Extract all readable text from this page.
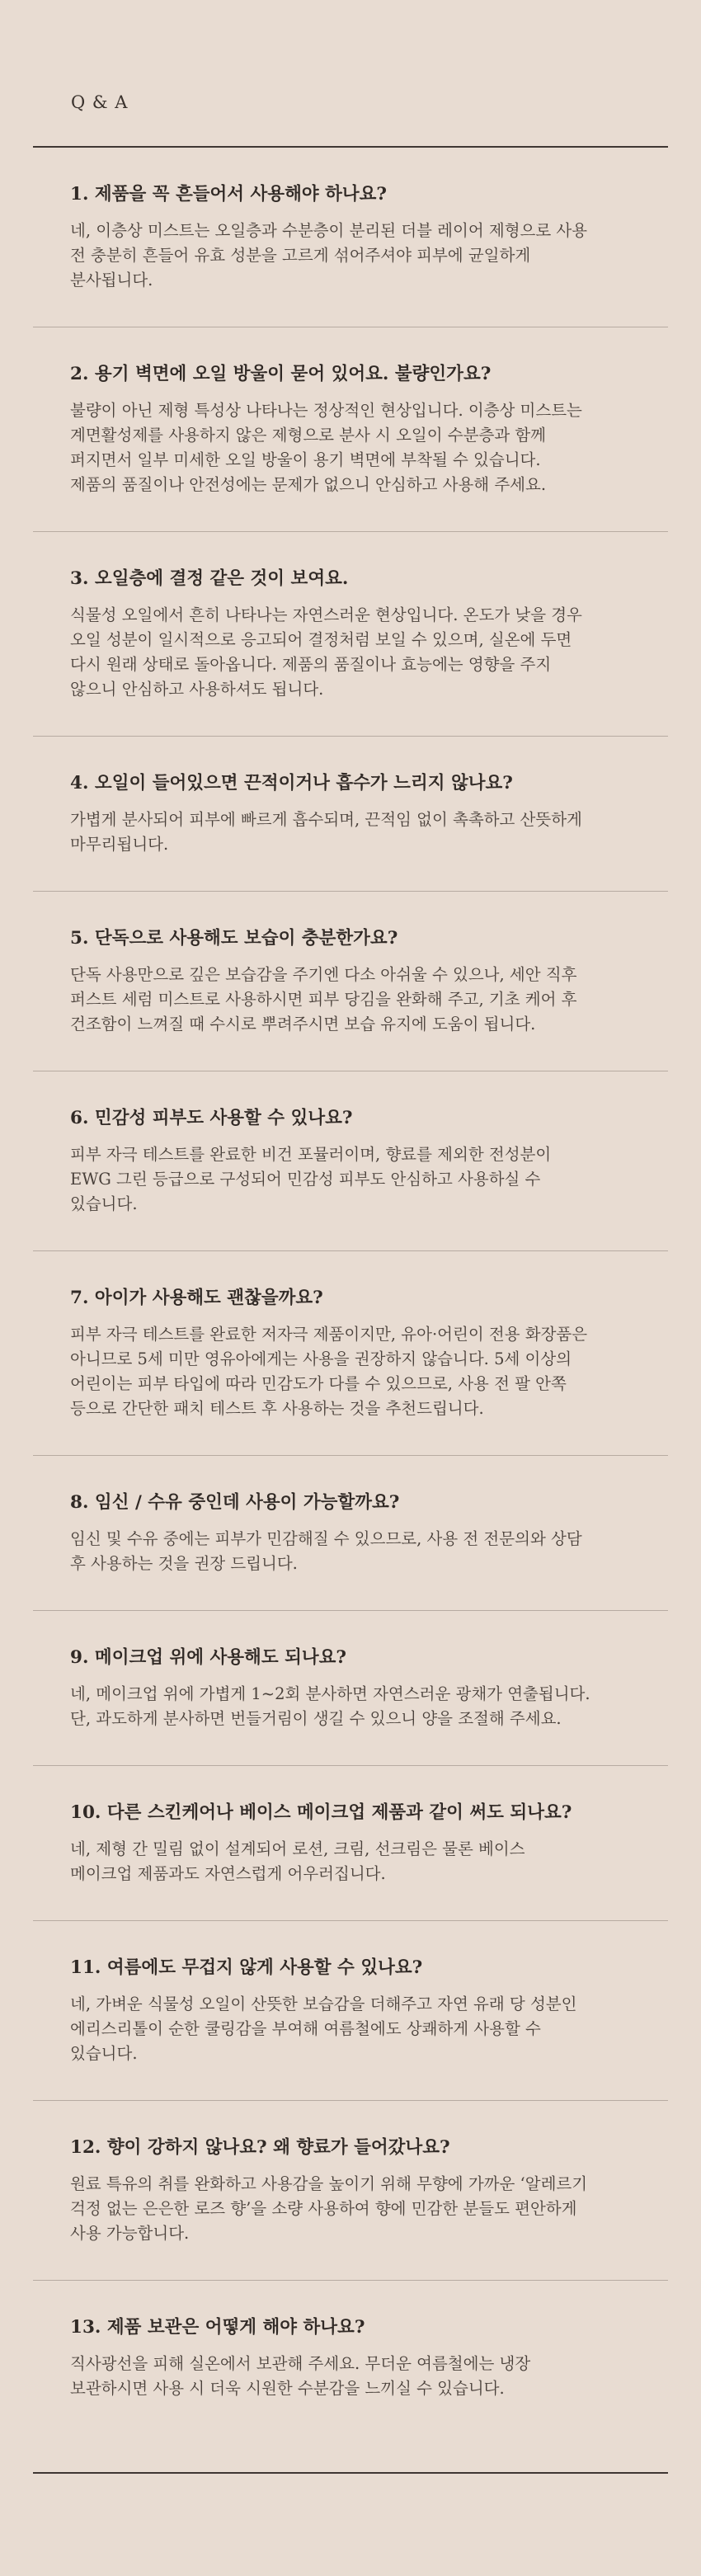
Q & A
1. 제품을 꼭 흔들어서 사용해야 하나요?
네, 이층상 미스트는 오일층과 수분층이 분리된 더블 레이어 제형으로 사용
전 충분히 흔들어 유효 성분을 고르게 섞어주셔야 피부에 균일하게
분사됩니다.
2. 용기 벽면에 오일 방울이 묻어 있어요. 불량인가요?
불량이 아닌 제형 특성상 나타나는 정상적인 현상입니다. 이층상 미스트는
계면활성제를 사용하지 않은 제형으로 분사 시 오일이 수분층과 함께
퍼지면서 일부 미세한 오일 방울이 용기 벽면에 부착될 수 있습니다.
제품의 품질이나 안전성에는 문제가 없으니 안심하고 사용해 주세요.
3. 오일층에 결정 같은 것이 보여요.
식물성 오일에서 흔히 나타나는 자연스러운 현상입니다. 온도가 낮을 경우
오일 성분이 일시적으로 응고되어 결정처럼 보일 수 있으며, 실온에 두면
다시 원래 상태로 돌아옵니다. 제품의 품질이나 효능에는 영향을 주지
않으니 안심하고 사용하셔도 됩니다.
4. 오일이 들어있으면 끈적이거나 흡수가 느리지 않나요?
가볍게 분사되어 피부에 빠르게 흡수되며, 끈적임 없이 촉촉하고 산뜻하게
마무리됩니다.
5. 단독으로 사용해도 보습이 충분한가요?
단독 사용만으로 깊은 보습감을 주기엔 다소 아쉬울 수 있으나, 세안 직후
퍼스트 세럼 미스트로 사용하시면 피부 당김을 완화해 주고, 기초 케어 후
건조함이 느껴질 때 수시로 뿌려주시면 보습 유지에 도움이 됩니다.
6. 민감성 피부도 사용할 수 있나요?
피부 자극 테스트를 완료한 비건 포뮬러이며, 향료를 제외한 전성분이
EWG 그린 등급으로 구성되어 민감성 피부도 안심하고 사용하실 수
있습니다.
7. 아이가 사용해도 괜찮을까요?
피부 자극 테스트를 완료한 저자극 제품이지만, 유아·어린이 전용 화장품은
아니므로 5세 미만 영유아에게는 사용을 권장하지 않습니다. 5세 이상의
어린이는 피부 타입에 따라 민감도가 다를 수 있으므로, 사용 전 팔 안쪽
등으로 간단한 패치 테스트 후 사용하는 것을 추천드립니다.
8. 임신 / 수유 중인데 사용이 가능할까요?
임신 및 수유 중에는 피부가 민감해질 수 있으므로, 사용 전 전문의와 상담
후 사용하는 것을 권장 드립니다.
9. 메이크업 위에 사용해도 되나요?
네, 메이크업 위에 가볍게 1~2회 분사하면 자연스러운 광채가 연출됩니다.
단, 과도하게 분사하면 번들거림이 생길 수 있으니 양을 조절해 주세요.
10. 다른 스킨케어나 베이스 메이크업 제품과 같이 써도 되나요?
네, 제형 간 밀림 없이 설계되어 로션, 크림, 선크림은 물론 베이스
메이크업 제품과도 자연스럽게 어우러집니다.
11. 여름에도 무겁지 않게 사용할 수 있나요?
네, 가벼운 식물성 오일이 산뜻한 보습감을 더해주고 자연 유래 당 성분인
에리스리톨이 순한 쿨링감을 부여해 여름철에도 상쾌하게 사용할 수
있습니다.
12. 향이 강하지 않나요? 왜 향료가 들어갔나요?
원료 특유의 취를 완화하고 사용감을 높이기 위해 무향에 가까운 ‘알레르기
걱정 없는 은은한 로즈 향’을 소량 사용하여 향에 민감한 분들도 편안하게
사용 가능합니다.
13. 제품 보관은 어떻게 해야 하나요?
직사광선을 피해 실온에서 보관해 주세요. 무더운 여름철에는 냉장
보관하시면 사용 시 더욱 시원한 수분감을 느끼실 수 있습니다.
